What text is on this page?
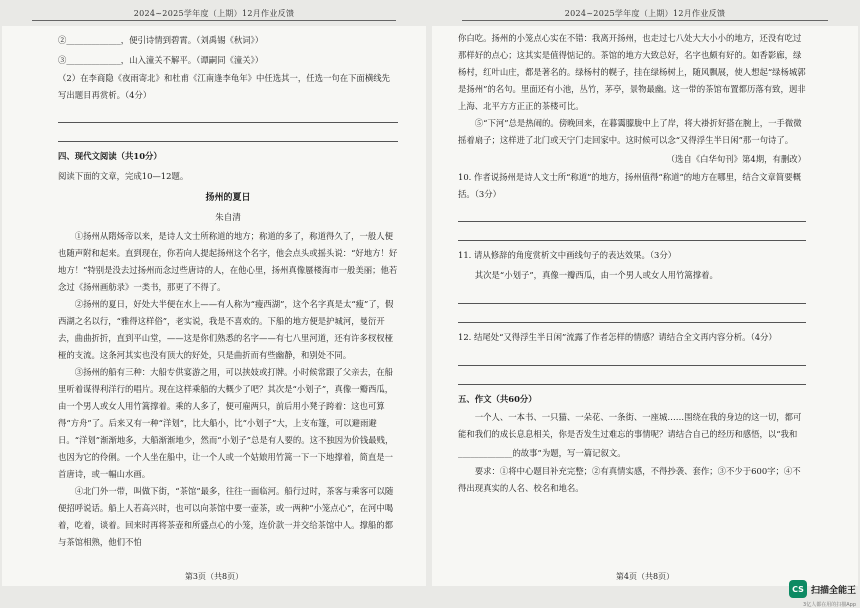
2024~2025学年度（上期）12月作业反馈

②_____________，便引诗情到碧霄。（刘禹锡《秋词》）

③_____________，山入潼关不解平。（谭嗣同《潼关》）

（2）在李商隐《夜雨寄北》和杜甫《江南逢李龟年》中任选其一，任选一句在下面横线先写出题目再赏析。（4分）

四、现代文阅读（共10分）

阅读下面的文章，完成10—12题。

扬州的夏日

朱自清

①扬州从隋炀帝以来，是诗人文士所称道的地方；称道的多了，称道得久了，一般人便也随声附和起来。直到现在，你若向人提起扬州这个名字，他会点头或摇头说：“好地方！好地方！”特别是没去过扬州而念过些唐诗的人，在他心里，扬州真像蜃楼海市一般美丽；他若念过《扬州画舫录》一类书，那更了不得了。

②扬州的夏日，好处大半便在水上——有人称为“瘦西湖”，这个名字真是太“瘦”了，假西湖之名以行，“雅得这样俗”，老实说，我是不喜欢的。下船的地方便是护城河，曼衍开去，曲曲折折，直到平山堂，——这是你们熟悉的名字——有七八里河道，还有许多杈杈桠桠的支流。这条河其实也没有顶大的好处，只是曲折而有些幽静，和别处不同。

③扬州的船有三种：大船专供宴游之用，可以挟妓或打牌。小时候常跟了父亲去，在船里听着谋得利洋行的唱片。现在这样乘船的大概少了吧？其次是“小划子”，真像一瓣西瓜，由一个男人或女人用竹篙撑着。乘的人多了，便可雇两只，前后用小凳子跨着：这也可算得“方舟”了。后来又有一种“洋划”，比大船小，比“小划子”大，上支布篷，可以避雨避日。“洋划”渐渐地多，大船渐渐地少，然而“小划子”总是有人要的。这不独因为价钱最贱，也因为它的伶俐。一个人坐在船中，让一个人或一个姑娘用竹篙一下一下地撑着，简直是一首唐诗，或一幅山水画。

④北门外一带，叫做下街，“茶馆”最多，往往一面临河。船行过时，茶客与乘客可以随便招呼说话。船上人若高兴时，也可以向茶馆中要一壶茶，或一两种“小笼点心”，在河中喝着，吃着，谈着。回来时再将茶壶和所盛点心的小笼，连价款一并交给茶馆中人。撑船的都与茶馆相熟，他们不怕

第3页（共8页）
2024~2025学年度（上期）12月作业反馈

你白吃。扬州的小笼点心实在不错：我离开扬州，也走过七八处大大小小的地方，还没有吃过那样好的点心；这其实是值得惦记的。茶馆的地方大致总好，名字也颇有好的。如香影廊，绿杨村，红叶山庄，都是著名的。绿杨村的幌子，挂在绿杨树上，随风飘展，使人想起“绿杨城郭是扬州”的名句。里面还有小池，丛竹，茅亭，景物最幽。这一带的茶馆布置都历落有致，迥非上海、北平方方正正的茶楼可比。

⑤“下河”总是热闹的。傍晚回来，在暮霭朦胧中上了岸，将大褂折好搭在腕上，一手微微摇着扇子；这样进了北门或天宁门走回家中。这时候可以念“又得浮生半日闲”那一句诗了。

（选自《白华旬刊》第4期，有删改）

10. 作者说扬州是诗人文士所“称道”的地方，扬州值得“称道”的地方在哪里，结合文章简要概括。（3分）

11. 请从修辞的角度赏析文中画线句子的表达效果。（3分）

其次是“小划子”，真像一瓣西瓜，由一个男人或女人用竹篙撑着。

12. 结尾处“又得浮生半日闲”流露了作者怎样的情感？请结合全文再内容分析。（4分）

五、作文（共60分）

一个人、一本书、一只猫、一朵花、一条街、一座城……围绕在我的身边的这一切，都可能和我们的成长息息相关，你是否发生过难忘的事情呢？请结合自己的经历和感悟，以“我和

_____________的故事”为题，写一篇记叙文。

要求：①将中心题目补充完整；②有真情实感，不得抄袭、套作；③不少于600字；④不得出现真实的人名、校名和地名。

第4页（共8页）
CS 扫描全能王
3亿人都在用的扫描App
